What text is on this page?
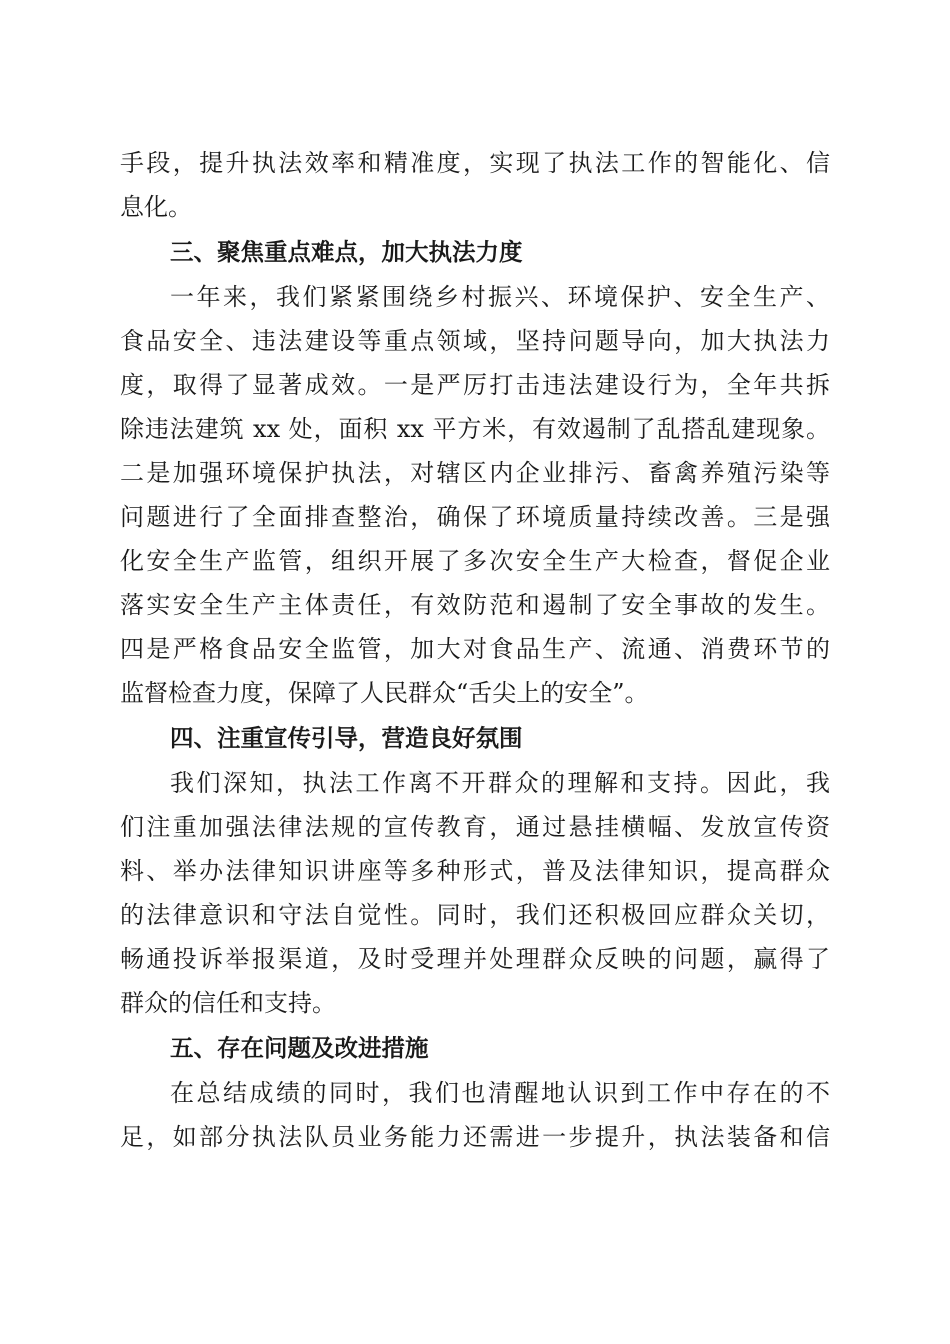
手段，提升执法效率和精准度，实现了执法工作的智能化、信
息化。
三、聚焦重点难点，加大执法力度
一年来，我们紧紧围绕乡村振兴、环境保护、安全生产、
食品安全、违法建设等重点领域，坚持问题导向，加大执法力
度，取得了显著成效。一是严厉打击违法建设行为，全年共拆
除违法建筑 xx 处，面积 xx 平方米，有效遏制了乱搭乱建现象。
二是加强环境保护执法，对辖区内企业排污、畜禽养殖污染等
问题进行了全面排查整治，确保了环境质量持续改善。三是强
化安全生产监管，组织开展了多次安全生产大检查，督促企业
落实安全生产主体责任，有效防范和遏制了安全事故的发生。
四是严格食品安全监管，加大对食品生产、流通、消费环节的
监督检查力度，保障了人民群众“舌尖上的安全”。
四、注重宣传引导，营造良好氛围
我们深知，执法工作离不开群众的理解和支持。因此，我
们注重加强法律法规的宣传教育，通过悬挂横幅、发放宣传资
料、举办法律知识讲座等多种形式，普及法律知识，提高群众
的法律意识和守法自觉性。同时，我们还积极回应群众关切，
畅通投诉举报渠道，及时受理并处理群众反映的问题，赢得了
群众的信任和支持。
五、存在问题及改进措施
在总结成绩的同时，我们也清醒地认识到工作中存在的不
足，如部分执法队员业务能力还需进一步提升，执法装备和信
